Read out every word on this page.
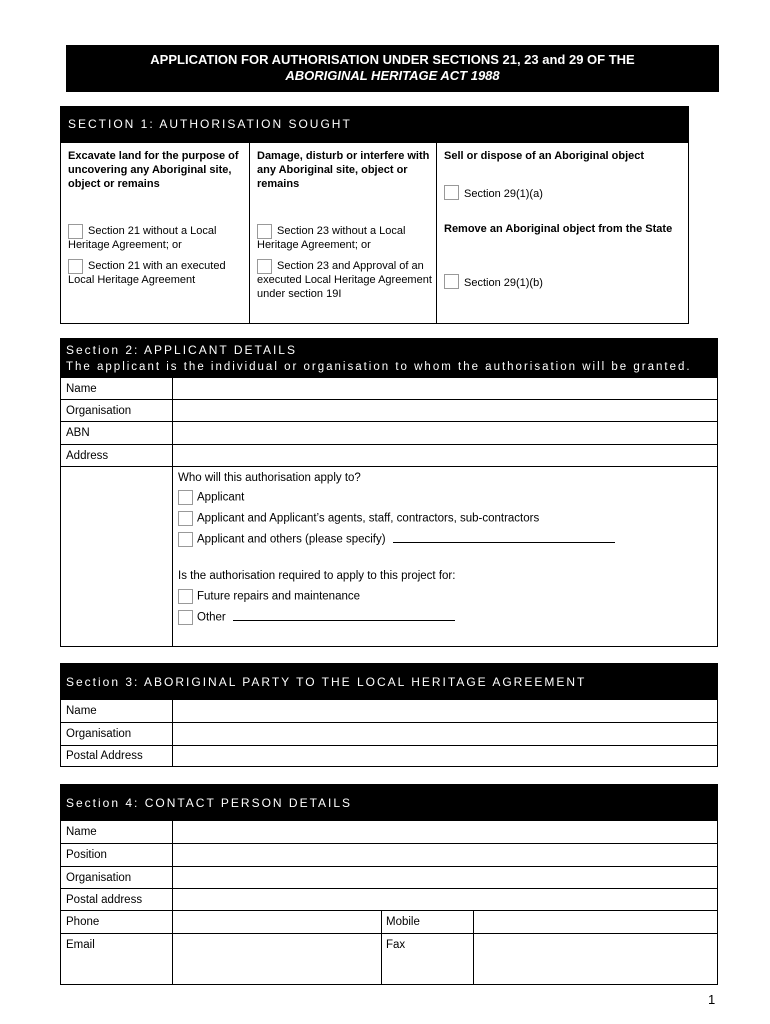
APPLICATION FOR AUTHORISATION UNDER SECTIONS 21, 23 and 29 OF THE
ABORIGINAL HERITAGE ACT 1988
SECTION 1: AUTHORISATION SOUGHT
Excavate land for the purpose of uncovering any Aboriginal site, object or remains
Section 21 without a Local Heritage Agreement; or
Section 21 with an executed Local Heritage Agreement
Damage, disturb or interfere with any Aboriginal site, object or remains
Section 23 without a Local Heritage Agreement; or
Section 23 and Approval of an executed Local Heritage Agreement under section 19I
Sell or dispose of an Aboriginal object
Section 29(1)(a)
Remove an Aboriginal object from the State
Section 29(1)(b)
Section 2: APPLICANT DETAILS
The applicant is the individual or organisation to whom the authorisation will be granted.
Name
Organisation
ABN
Address
Who will this authorisation apply to?
Applicant
Applicant and Applicant’s agents, staff, contractors, sub-contractors
Applicant and others (please specify)
Is the authorisation required to apply to this project for:
Future repairs and maintenance
Other
Section 3: ABORIGINAL PARTY TO THE LOCAL HERITAGE AGREEMENT
Name
Organisation
Postal Address
Section 4: CONTACT PERSON DETAILS
Name
Position
Organisation
Postal address
Phone	Mobile
Email	Fax
1
